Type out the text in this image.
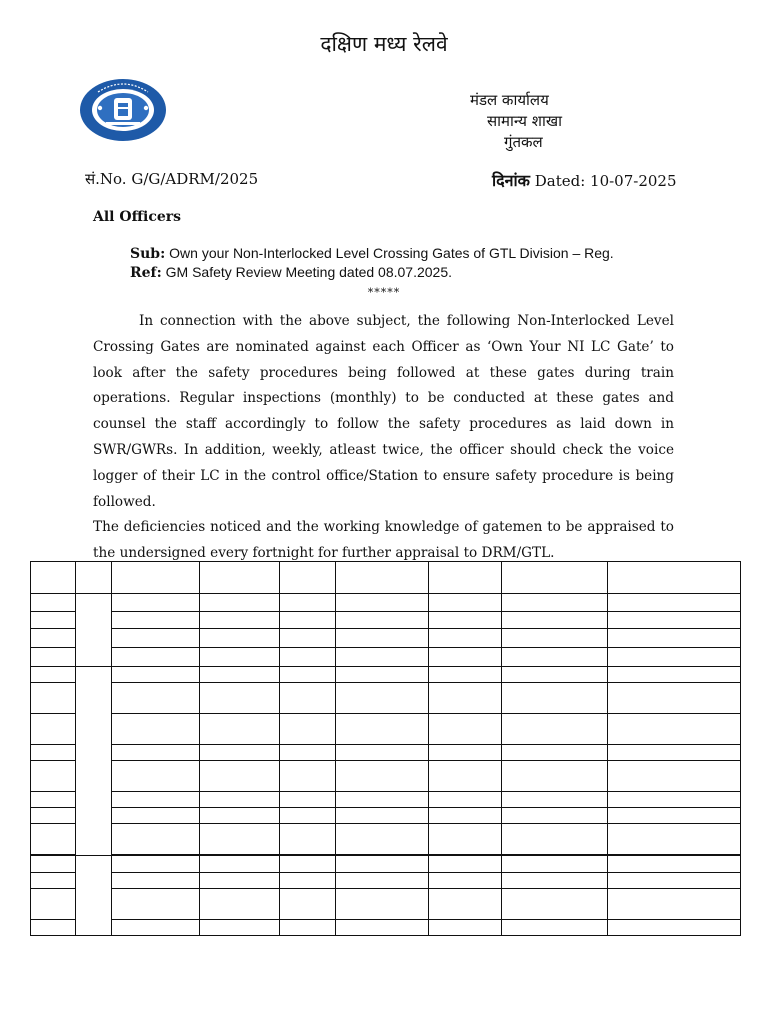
दक्षिण मध्य रेलवे
मंडल कार्यालय
सामान्य शाखा
गुंतकल
सं.No. G/G/ADRM/2025	दिनांक Dated: 10-07-2025
All Officers
Sub: Own your Non-Interlocked Level Crossing Gates of GTL Division – Reg.
Ref: GM Safety Review Meeting dated 08.07.2025.
*****

In connection with the above subject, the following Non-Interlocked Level Crossing Gates are nominated against each Officer as ‘Own Your NI LC Gate’ to look after the safety procedures being followed at these gates during train operations. Regular inspections (monthly) to be conducted at these gates and counsel the staff accordingly to follow the safety procedures as laid down in SWR/GWRs. In addition, weekly, atleast twice, the officer should check the voice logger of their LC in the control office/Station to ensure safety procedure is being followed.

The deficiencies noticed and the working knowledge of gatemen to be appraised to the undersigned every fortnight for further appraisal to DRM/GTL.
